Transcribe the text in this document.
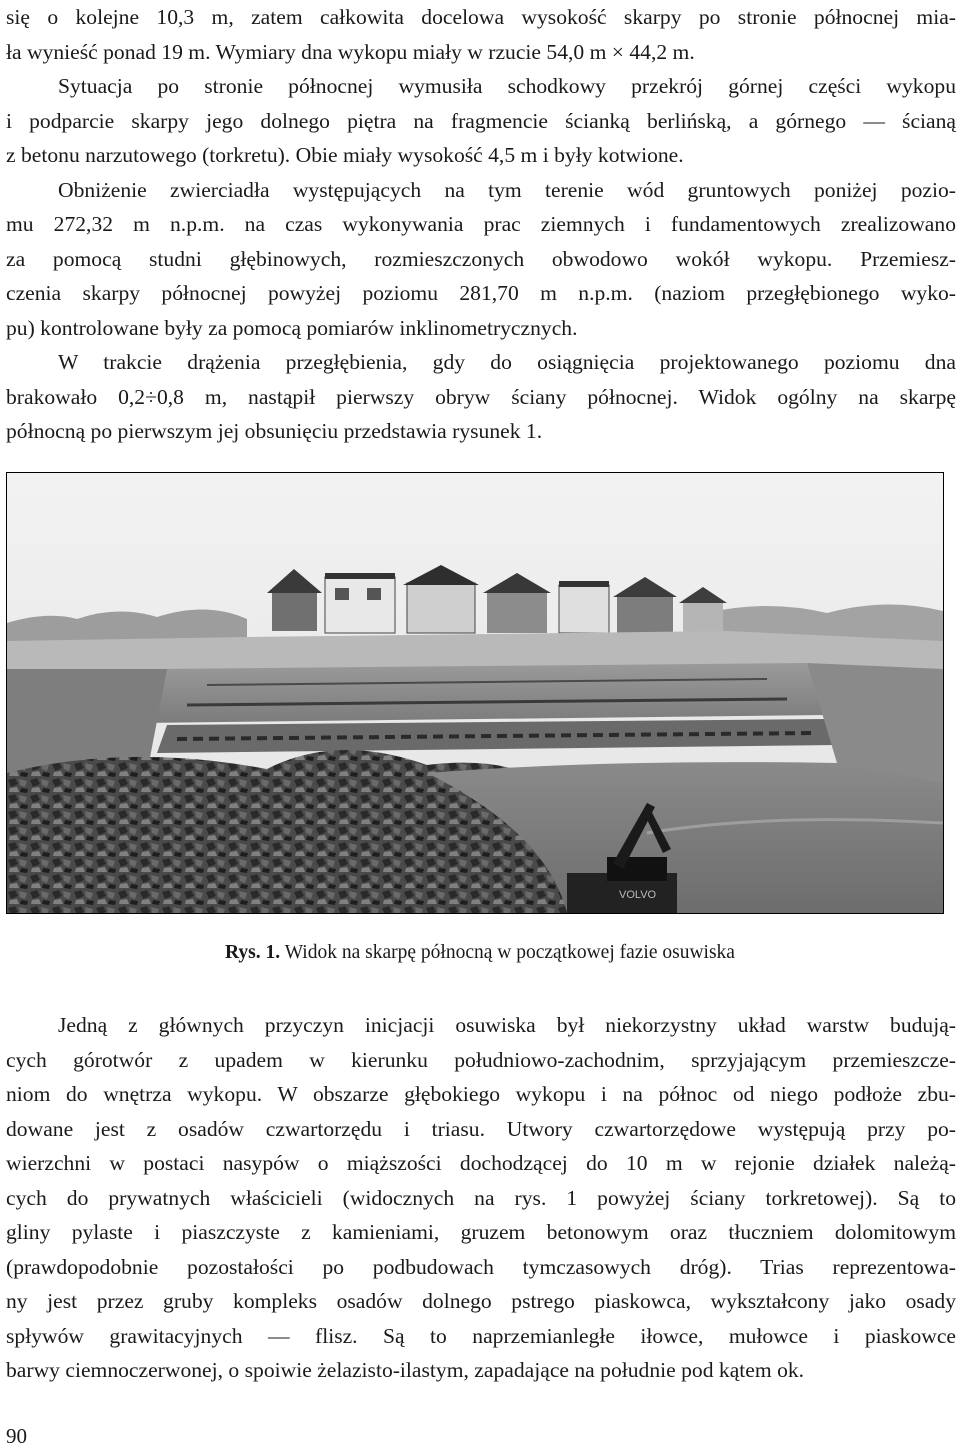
się o kolejne 10,3 m, zatem całkowita docelowa wysokość skarpy po stronie północnej mia-
ła wynieść ponad 19 m. Wymiary dna wykopu miały w rzucie 54,0 m × 44,2 m.

Sytuacja po stronie północnej wymusiła schodkowy przekrój górnej części wykopu
i podparcie skarpy jego dolnego piętra na fragmencie ścianką berlińską, a górnego — ścianą
z betonu narzutowego (torkretu). Obie miały wysokość 4,5 m i były kotwione.

Obniżenie zwierciadła występujących na tym terenie wód gruntowych poniżej pozio-
mu 272,32 m n.p.m. na czas wykonywania prac ziemnych i fundamentowych zrealizowano
za pomocą studni głębinowych, rozmieszczonych obwodowo wokół wykopu. Przemiesz-
czenia skarpy północnej powyżej poziomu 281,70 m n.p.m. (naziom przegłębionego wyko-
pu) kontrolowane były za pomocą pomiarów inklinometrycznych.

W trakcie drążenia przegłębienia, gdy do osiągnięcia projektowanego poziomu dna
brakowało 0,2÷0,8 m, nastąpił pierwszy obryw ściany północnej. Widok ogólny na skarpę
północną po pierwszym jej obsunięciu przedstawia rysunek 1.

VOLVO
Rys. 1. Widok na skarpę północną w początkowej fazie osuwiska

Jedną z głównych przyczyn inicjacji osuwiska był niekorzystny układ warstw budują-
cych górotwór z upadem w kierunku południowo-zachodnim, sprzyjającym przemieszcze-
niom do wnętrza wykopu. W obszarze głębokiego wykopu i na północ od niego podłoże zbu-
dowane jest z osadów czwartorzędu i triasu. Utwory czwartorzędowe występują przy po-
wierzchni w postaci nasypów o miąższości dochodzącej do 10 m w rejonie działek należą-
cych do prywatnych właścicieli (widocznych na rys. 1 powyżej ściany torkretowej). Są to
gliny pylaste i piaszczyste z kamieniami, gruzem betonowym oraz tłuczniem dolomitowym
(prawdopodobnie pozostałości po podbudowach tymczasowych dróg). Trias reprezentowa-
ny jest przez gruby kompleks osadów dolnego pstrego piaskowca, wykształcony jako osady
spływów grawitacyjnych — flisz. Są to naprzemianległe iłowce, mułowce i piaskowce
barwy ciemnoczerwonej, o spoiwie żelazisto-ilastym, zapadające na południe pod kątem ok.

90
